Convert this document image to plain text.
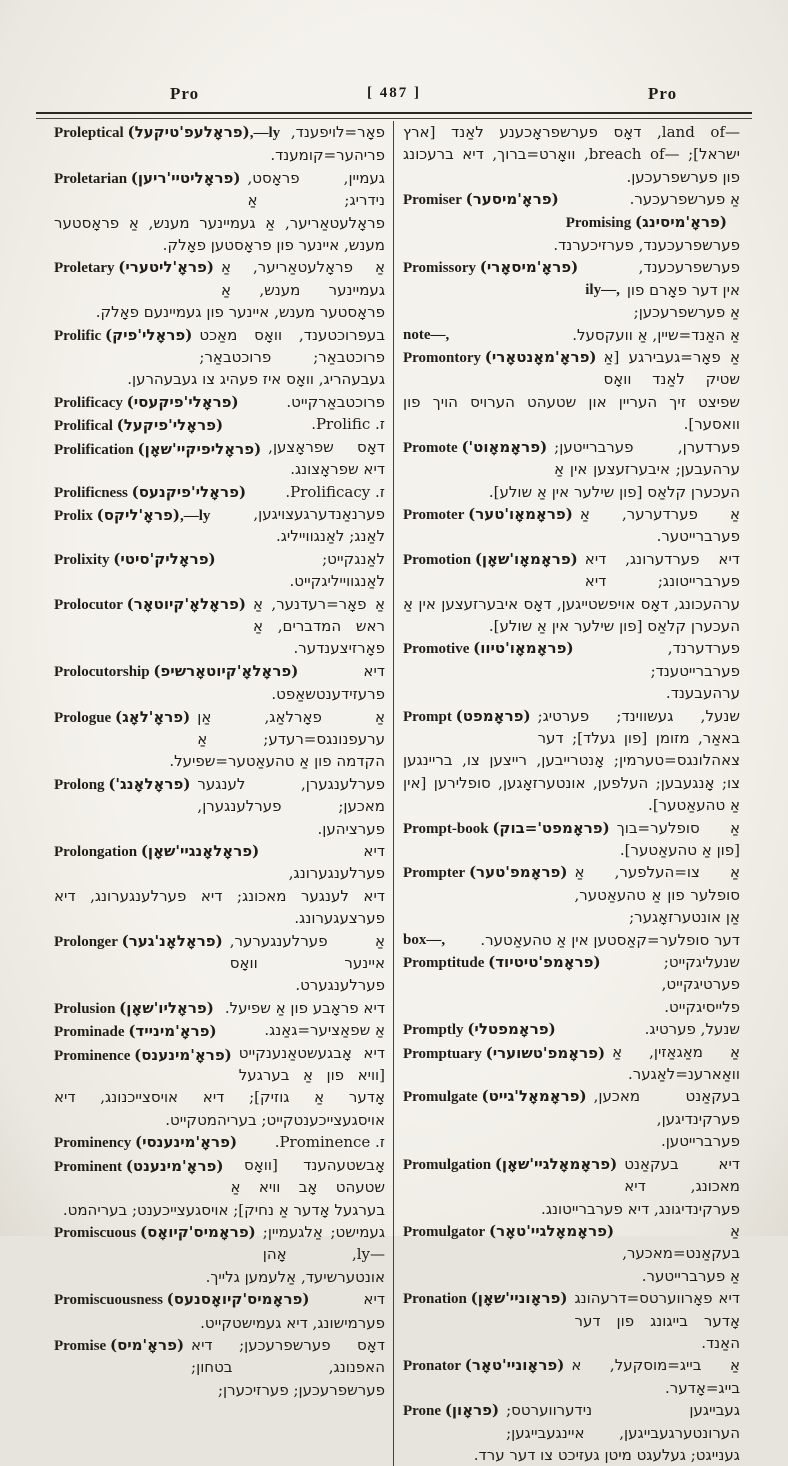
Pro	[ 487 ]	Pro

Proleptical (פראָלעפ'טיקעל),—ly פאָר=לויפענד, פריהער=קומענד.

Proletarian (פראָליטיי'ריען) געמיין, פראָסט, נידריג; אַ פראָלעטאַריער, אַ געמיינער מענש, אַ פראָסטער מענש, איינער פון פראָסטען פאָלק.

Proletary (פראָ'ליטערי) אַ פראָלעטאַריער, אַ געמיינער מענש, אַ פראָסטער מענש, איינער פון געמיינעם פאָלק.

Prolific (פראָלי'פיק) בעפרוכטענד, וואָס מאַכט פרוכטבאַר; פרוכטבאַר; געבעהריג, וואָס איז פעהיג צו געבעהרען.

Prolificacy (פראָלי'פיקעסי)	פרוכטבאַרקייט.

Prolifical (פראָלי'פיקעל)	ז. Prolific.

Prolification (פראָליפיקיי'שאָן) דאָס שפראָצען, דיא שפראָצונג.

Prolificness (פראָלי'פיקנעס)	ז. Prolificacy.

Prolix (פראָ'ליקס),—ly	פערנאַנדערגעצויגען, לאַנג; לאַנגווייליג.

Prolixity (פראָליק'סיטי)	לאַנגקייט; לאַנגווייליגקייט.

Prolocutor (פראָלאָ'קיוטאָר) אַ פאָר=רעדנער, אַ ראש המדברים, אַ פאָרזיצענדער.

Prolocutorship (פראָלאָ'קיוטאָרשיפ)	דיא פרעזידענטשאַפט.

Prologue (פראָ'לאָג) אַ פאָרלאַג, אַן ערעפנונגס=רעדע; אַ הקדמה פון אַ טהעאַטער=שפיעל.

Prolong (פראָלאָנג') פערלענגערן, לענגער מאכען; פערלענגערן, פערציהען.

Prolongation (פראָלאָנגיי'שאָן)	דיא פערלענגערונג, דיא לענגער מאכונג; דיא פערלענגערונג, דיא פערצעגערונג.

Prolonger (פראָלאָנ'גער) אַ פערלענגערער, איינער וואָס פערלענגערט.

Prolusion (פראָליו'שאָן) דיא פראָבע פון אַ שפיעל.

Prominade (פראָ'מינייד)	אַ שפאַציער=גאַנג.

Prominence (פראָ'מינענס) דיא אָבגעשטאַנענקייט [וויא פון אַ בערגעל אָדער אַ גוזיק]; דיא אויסצייכנונג, דיא אויסגעצייכענטקייט; בעריהמטקייט.

Prominency (פראָ'מינענסי)	ז. Prominence.

Prominent (פראָ'מינענט) אָבשטעהענד [וואָס שטעהט אָב וויא אַ בערגעל אָדער אַ נחיק]; אויסגעצייכענט; בעריהמט.

Promiscuous (פראָמיס'קיואָס) געמישט; אַלגעמיין; ly—‎, אָהן אונטערשיעד, אַלעמען גלייך.

Promiscuousness (פראָמיס'קיואָסנעס)	דיא פערמישונג, דיא געמישטקייט.

Promise (פראָ'מיס) דאָס פערשפרעכען; דיא האפנונג, בטחון; פערשפרעכען; פערזיכערן;

land of—‎, דאָס פערשפראָכענע לאַנד [ארץ ישראל]; breach of—‎, וואָרט=ברוך, דיא ברעכונג פון פערשפרעכען.

Promiser (פראָ'מיסער)	אַ פערשפרעכער.

Promising (פראָ'מיסינג)
פערשפרעכענד, פערזיכערנד.

Promissory (פראָ'מיסאָרי)	פערשפרעכענד,

ily—, אין דער פאָרם פון אַ פערשפרעכען;

note—,	אַ האַנד=שיין, אַ וועקסעל.

Promontory (פראָ'מאָנטאָרי) אַ פאָר=געבירגע [אַ שטיק לאַנד וואָס שפיצט זיך העריין און שטעהט הערויס הויך פון וואסער].

Promote (פראָמאָוט') פערדערן, פערברייטען; ערהעבען; איבערזעצען אין אַ העכערן קלאַס [פון שילער אין אַ שולע].

Promoter (פראָמאָו'טער) אַ פערדערער, אַ פערברייטער.

Promotion (פראָמאָו'שאָן) דיא פערדערונג, דיא פערברייטונג; דיא ערהעכונג, דאָס אויפשטייגען, דאָס איבערזעצען אין אַ העכערן קלאַס [פון שילער אין אַ שולע].

Promotive (פראָמאָו'טיוו)	פערדערנד, פערברייטענד; ערהעבענד.

Prompt (פראָמפט) שנעל, געשווינד; פערטיג; באאַר, מזומן [פון געלד]; דער צאהלונגס=טערמין; אָנטרייבען, רייצען צו, בריינגען צו; אָנגעבען; העלפען, אונטערזאָגען, סופלירען [אין אַ טהעאַטער].

Prompt-book (פראָמפט'=בוק) אַ סופלער=בוך [פון אַ טהעאַטער].

Prompter (פראָמפ'טער) אַ צו=העלפער, אַ סופלער פון אַ טהעאַטער, אַן אונטערזאָגער;

box—, דער סופלער=קאַסטען אין אַ טהעאַטער.

Promptitude (פראָמפ'טיטיוד)	שנעליגקייט; פערטיגקייט, פלייסיגקייט.

Promptly (פראָמפטלי)	שנעל, פערטיג.

Promptuary (פראָמפ'טשוערי) אַ מאַגאַזין, אַ וואַארענ=לאַגער.

Promulgate (פראָמאָל'גייט) בעקאַנט מאכען, פערקינדיגען, פערברייטען.

Promulgation (פראָמאָלגיי'שאָן) דיא בעקאַנט מאכונג, דיא פערקינדיגונג, דיא פערברייטונג.

Promulgator (פראָמאָלגיי'טאָר)	אַ בעקאַנט=מאכער, אַ פערברייטער.

Pronation (פראָוניי'שאָן) דיא פאָרווערטס=דרעהונג אָדער בייגונג פון דער האַנד.

Pronator (פראָוניי'טאָר) אַ בייג=מוסקעל, א בייג=אָדער.

Prone (פראָון) געבייגען נידערווערטס; הערונטערגעבייגען, איינגעבייגען; גענייגט; געלעגט מיטן געזיכט צו דער ערד.
